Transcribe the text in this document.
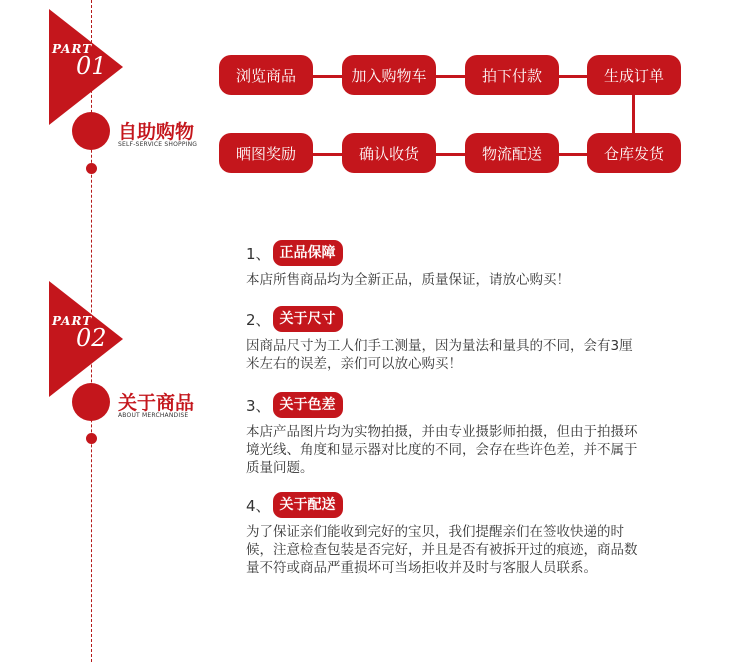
PART
01
自助购物
SELF-SERVICE SHOPPING
浏览商品	加入购物车	拍下付款	生成订单
仓库发货
物流配送
确认收货
晒图奖励
PART
02
关于商品
ABOUT MERCHANDISE
1、 正品保障
本店所售商品均为全新正品，质量保证，请放心购买！
2、 关于尺寸
因商品尺寸为工人们手工测量，因为量法和量具的不同，会有3厘米左右的误差，亲们可以放心购买！
3、 关于色差
本店产品图片均为实物拍摄，并由专业摄影师拍摄，但由于拍摄环境光线、角度和显示器对比度的不同，会存在些许色差，并不属于质量问题。
4、 关于配送
为了保证亲们能收到完好的宝贝，我们提醒亲们在签收快递的时候，注意检查包装是否完好，并且是否有被拆开过的痕迹，商品数量不符或商品严重损坏可当场拒收并及时与客服人员联系。
